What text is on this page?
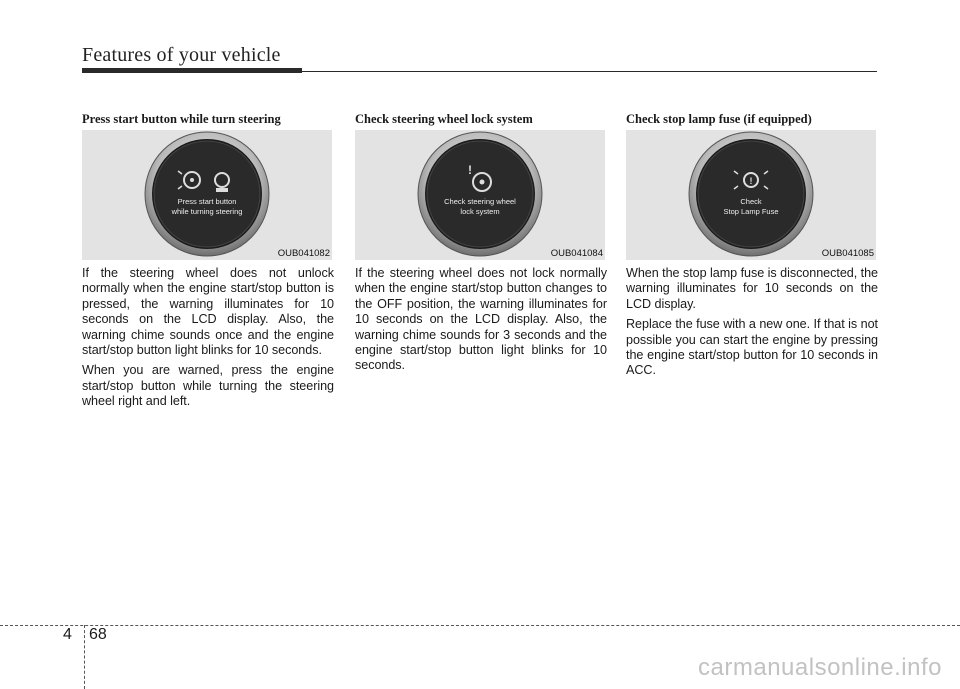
Features of your vehicle
Press start button while turn steering
Press start button
while turning steering
OUB041082

If the steering wheel does not unlock normally when the engine start/stop button is pressed, the warning illuminates for 10 seconds on the LCD display. Also, the warning chime sounds once and the engine start/stop button light blinks for 10 seconds.

When you are warned, press the engine start/stop button while turning the steering wheel right and left.

Check steering wheel lock system
!
Check steering wheel
lock system
OUB041084

If the steering wheel does not lock normally when the engine start/stop button changes to the OFF position, the warning illuminates for 10 seconds on the LCD display. Also, the warning chime sounds for 3 seconds and the engine start/stop button light blinks for 10 seconds.

Check stop lamp fuse (if equipped)
!
Check
Stop Lamp Fuse
OUB041085

When the stop lamp fuse is disconnected, the warning illuminates for 10 seconds on the LCD display.

Replace the fuse with a new one. If that is not possible you can start the engine by pressing the engine start/stop button for 10 seconds in ACC.

4 68
carmanualsonline.info
